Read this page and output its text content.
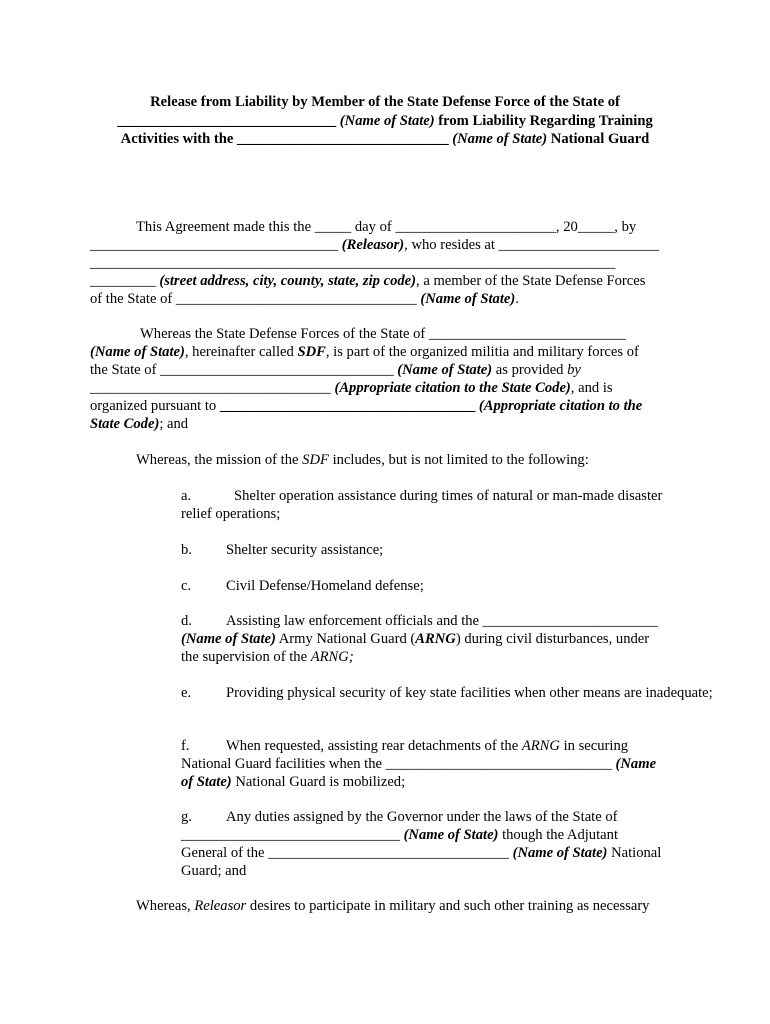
Release from Liability by Member of the State Defense Force of the State of
______________________________ (Name of State) from Liability Regarding Training
Activities with the _____________________________ (Name of State) National Guard
This Agreement made this the _____ day of ______________________, 20_____, by
__________________________________ (Releasor), who resides at ______________________
________________________________________________________________________
_________ (street address, city, county, state, zip code), a member of the State Defense Forces
of the State of _________________________________ (Name of State).
Whereas the State Defense Forces of the State of ___________________________
(Name of State), hereinafter called SDF, is part of the organized militia and military forces of
the State of ________________________________ (Name of State) as provided by
_________________________________ (Appropriate citation to the State Code), and is
organized pursuant to ___________________________________ (Appropriate citation to the
State Code); and
Whereas, the mission of the SDF includes, but is not limited to the following:
a.	Shelter operation assistance during times of natural or man-made disaster relief operations;
b. Shelter security assistance;
c. Civil Defense/Homeland defense;
d. Assisting law enforcement officials and the ________________________
(Name of State) Army National Guard (ARNG) during civil disturbances, under
the supervision of the ARNG;
e. Providing physical security of key state facilities when other means are inadequate;
f. When requested, assisting rear detachments of the ARNG in securing
National Guard facilities when the _______________________________ (Name
of State) National Guard is mobilized;
g. Any duties assigned by the Governor under the laws of the State of
______________________________ (Name of State) though the Adjutant
General of the _________________________________ (Name of State) National
Guard; and
Whereas, Releasor desires to participate in military and such other training as necessary
